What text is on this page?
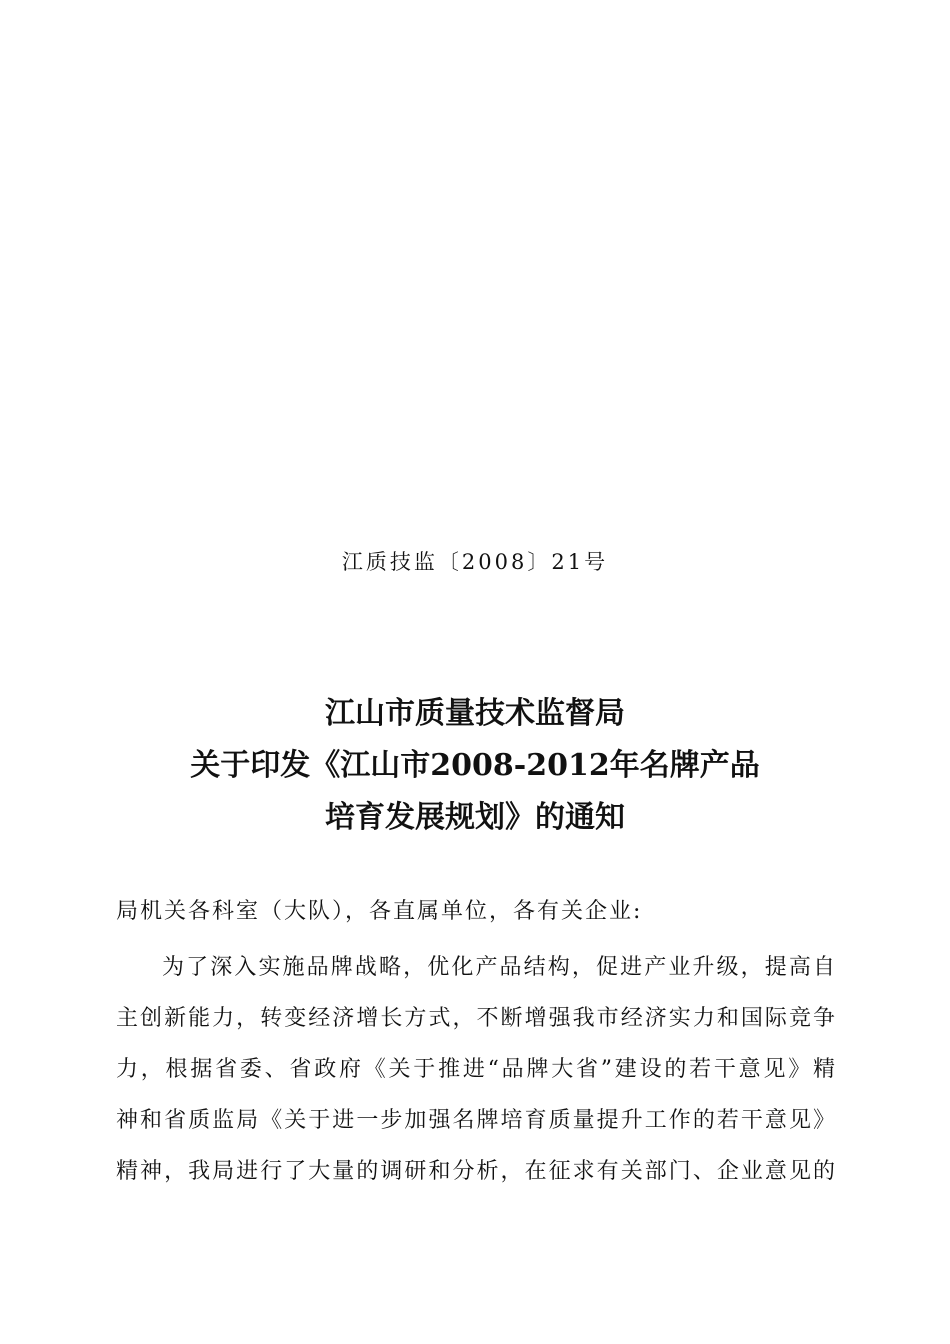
江质技监〔2008〕21号
江山市质量技术监督局
关于印发《江山市2008-2012年名牌产品
培育发展规划》的通知
局机关各科室（大队），各直属单位，各有关企业:
为了深入实施品牌战略，优化产品结构，促进产业升级，提高自
主创新能力，转变经济增长方式，不断增强我市经济实力和国际竞争
力，根据省委、省政府《关于推进“品牌大省”建设的若干意见》精
神和省质监局《关于进一步加强名牌培育质量提升工作的若干意见》
精神，我局进行了大量的调研和分析，在征求有关部门、企业意见的
